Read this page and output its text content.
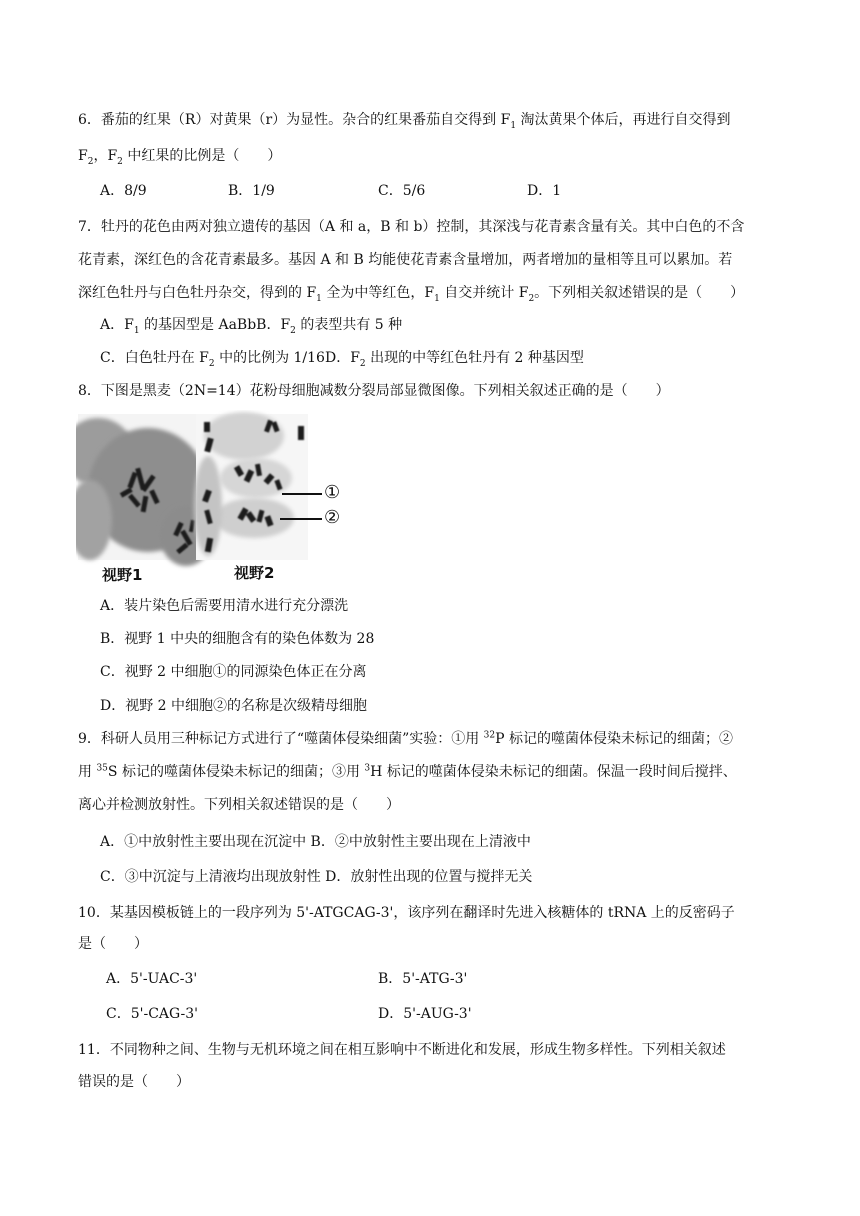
6．番茄的红果（R）对黄果（r）为显性。杂合的红果番茄自交得到 $F_1$ 淘汰黄果个体后，再进行自交得到
$F_2$，$F_2$ 中红果的比例是（　　）
A．8/9	B．1/9	C．5/6	D．1
7．牡丹的花色由两对独立遗传的基因（A 和 a，B 和 b）控制，其深浅与花青素含量有关。其中白色的不含
花青素，深红色的含花青素最多。基因 A 和 B 均能使花青素含量增加，两者增加的量相等且可以累加。若
深红色牡丹与白色牡丹杂交，得到的 $F_1$ 全为中等红色，$F_1$ 自交并统计 $F_2$。下列相关叙述错误的是（　　）
A．$F_1$ 的基因型是 AaBbB．$F_2$ 的表型共有 5 种
C．白色牡丹在 $F_2$ 中的比例为 1/16D．$F_2$ 出现的中等红色牡丹有 2 种基因型
8．下图是黑麦（2N=14）花粉母细胞减数分裂局部显微图像。下列相关叙述正确的是（　　）
①
②
视野1	视野2
A．装片染色后需要用清水进行充分漂洗
B．视野 1 中央的细胞含有的染色体数为 28
C．视野 2 中细胞①的同源染色体正在分离
D．视野 2 中细胞②的名称是次级精母细胞
9．科研人员用三种标记方式进行了“噬菌体侵染细菌”实验：①用 $^{32}$P 标记的噬菌体侵染未标记的细菌；②
用 $^{35}$S 标记的噬菌体侵染未标记的细菌；③用 $^3$H 标记的噬菌体侵染未标记的细菌。保温一段时间后搅拌、
离心并检测放射性。下列相关叙述错误的是（　　）
A．①中放射性主要出现在沉淀中 B．②中放射性主要出现在上清液中
C．③中沉淀与上清液均出现放射性 D．放射性出现的位置与搅拌无关
10．某基因模板链上的一段序列为 5'-ATGCAG-3'，该序列在翻译时先进入核糖体的 tRNA 上的反密码子
是（　　）
A．5'-UAC-3'	B．5'-ATG-3'
C．5'-CAG-3'	D．5'-AUG-3'
11．不同物种之间、生物与无机环境之间在相互影响中不断进化和发展，形成生物多样性。下列相关叙述
错误的是（　　）
